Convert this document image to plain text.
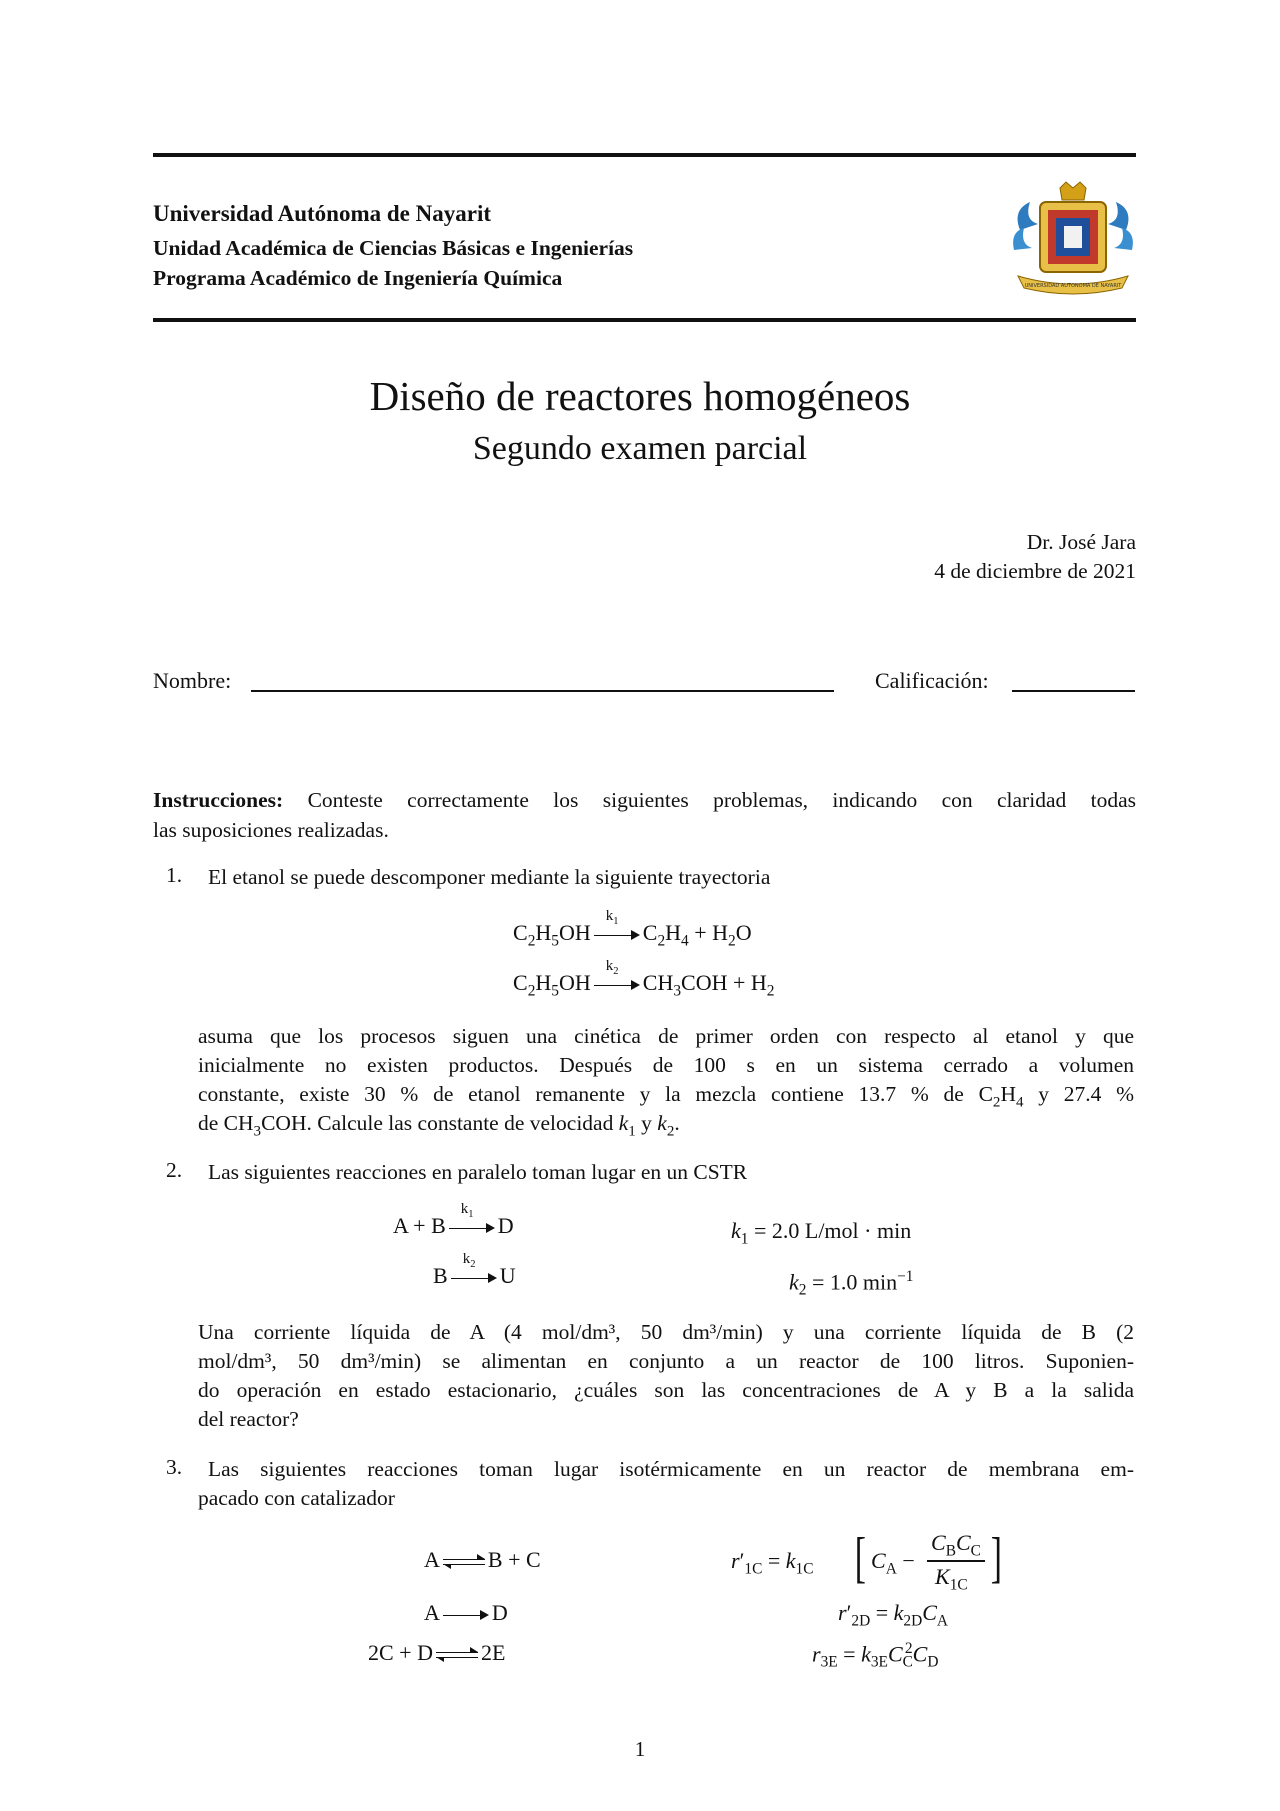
Universidad Autónoma de Nayarit
Unidad Académica de Ciencias Básicas e Ingenierías
Programa Académico de Ingeniería Química	UNIVERSIDAD AUTONOMA DE NAYARIT
Diseño de reactores homogéneos
Segundo examen parcial
Dr. José Jara
4 de diciembre de 2021
Nombre:	Calificación:
Instrucciones: Conteste correctamente los siguientes problemas, indicando con claridad todas
las suposiciones realizadas.
1. El etanol se puede descomponer mediante la siguiente trayectoria
$C_2H_5OH$
$k_1$ $C_2H_4 + H_2O$
$C_2H_5OH$
$k_2$ $CH_3COH + H_2$
asuma que los procesos siguen una cinética de primer orden con respecto al etanol y que
inicialmente no existen productos. Después de 100 s en un sistema cerrado a volumen
constante, existe 30 % de etanol remanente y la mezcla contiene 13.7 % de $C_2H_4$ y 27.4 %
de $CH_3COH$. Calcule las constante de velocidad $k_1$ y $k_2$.
2. Las siguientes reacciones en paralelo toman lugar en un CSTR
A + B
$k_1$ D
B
$k_2$ U
$k_1 = 2.0$ L/mol · min
$k_2 = 1.0$ $\min^{-1}$
Una corriente líquida de A (4 mol/dm³, 50 dm³/min) y una corriente líquida de B (2
mol/dm³, 50 dm³/min) se alimentan en conjunto a un reactor de 100 litros. Suponien-
do operación en estado estacionario, ¿cuáles son las concentraciones de A y B a la salida
del reactor?
3. Las siguientes reacciones toman lugar isotérmicamente en un reactor de membrana em-
pacado con catalizador
A B + C
A D
2C + D 2E
$r'_{1C} = k_{1C}$ [ $C_A$ −
$C_BC_C$
$K_{1C}$ ]
$r'_{2D} = k_{2D}C_A$
$r_{3E} = k_{3E}C_C^2C_D$
1
